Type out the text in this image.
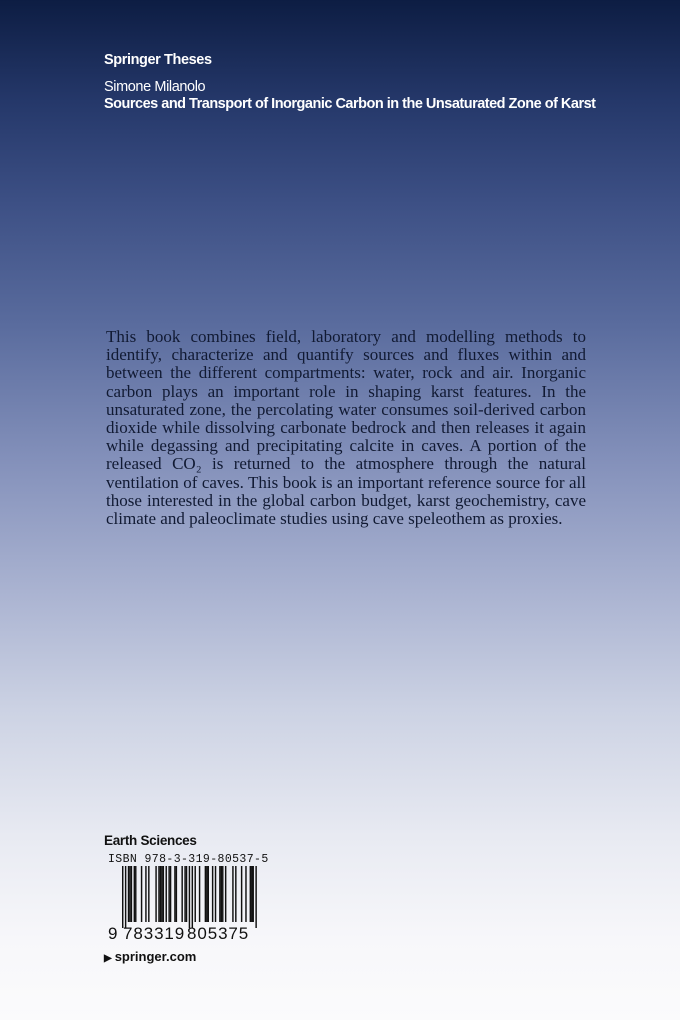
Springer Theses
Simone Milanolo
Sources and Transport of Inorganic Carbon in the Unsaturated Zone of Karst

This book combines field, laboratory and modelling methods to identify, characterize and quantify sources and fluxes within and between the different compartments: water, rock and air. Inorganic carbon plays an important role in shaping karst features. In the unsaturated zone, the percolating water consumes soil-derived carbon dioxide while dissolving carbonate bedrock and then releases it again while degassing and precipitating calcite in caves. A portion of the released CO₂ is returned to the atmosphere through the natural ventilation of caves. This book is an important reference source for all those interested in the global carbon budget, karst geochemistry, cave climate and paleoclimate studies using cave speleothem as proxies.

Earth Sciences
ISBN 978-3-319-80537-5
9 783319 805375
▶ springer.com
